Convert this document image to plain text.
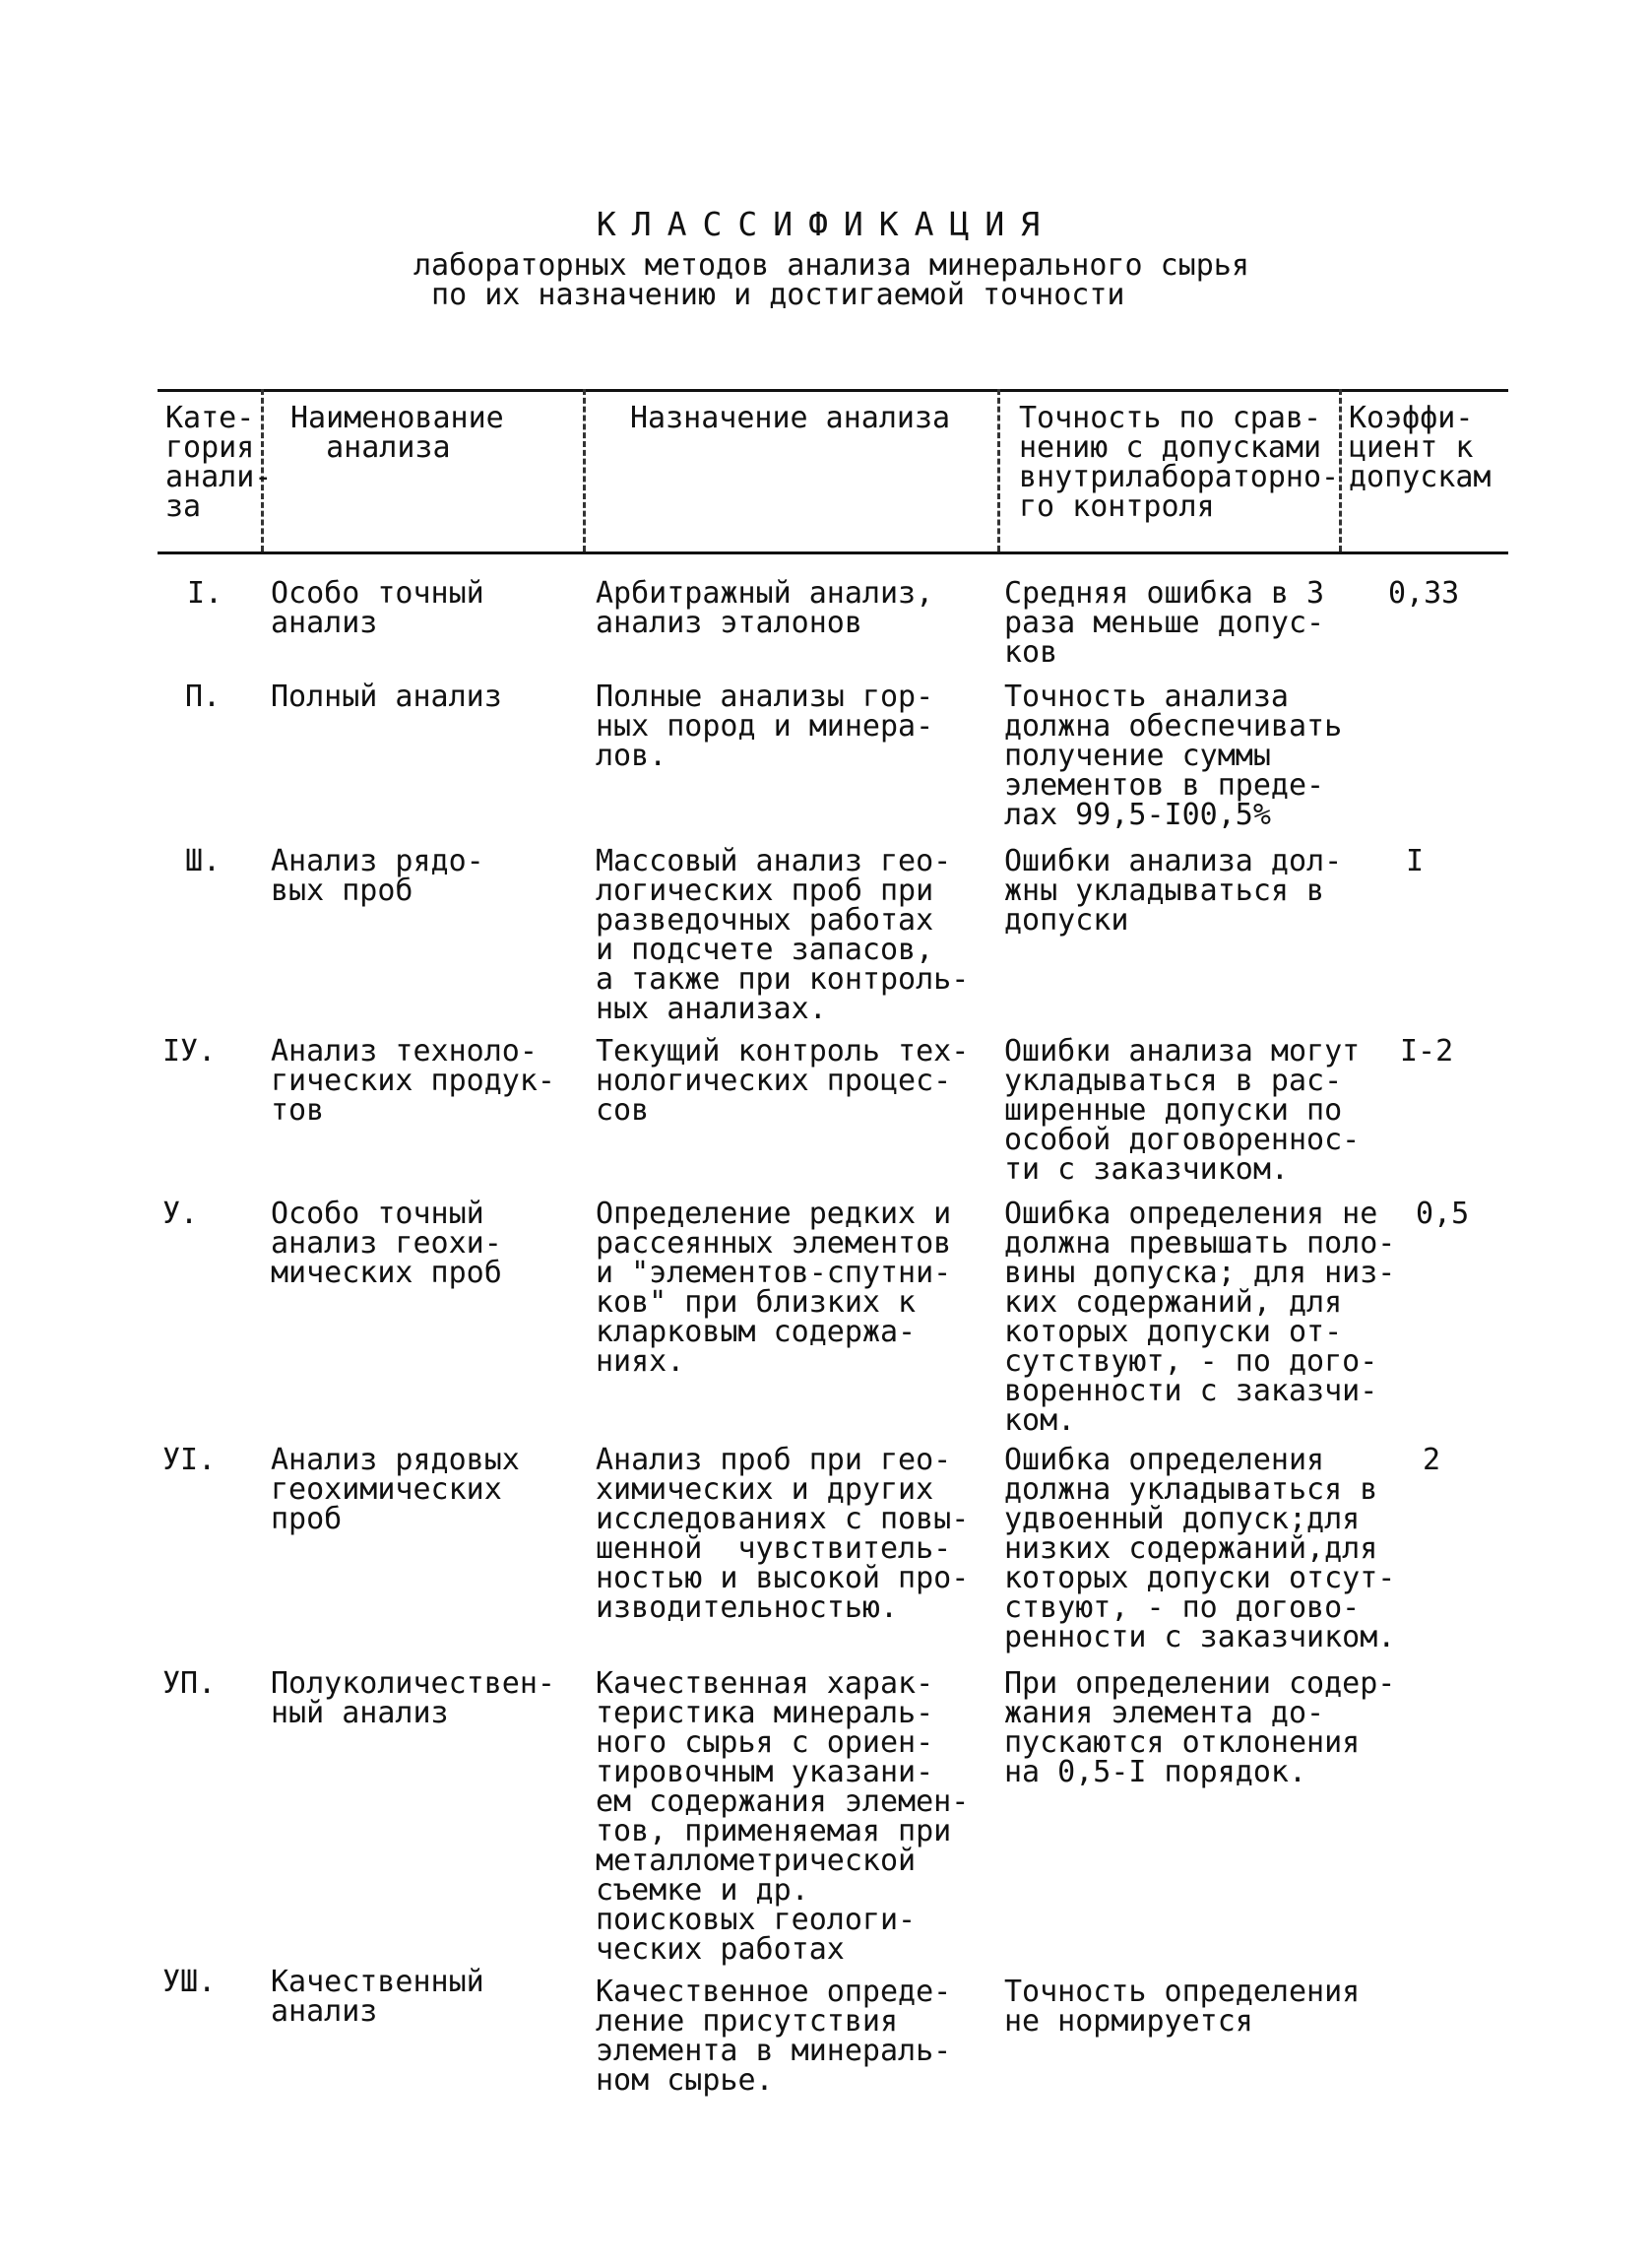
КЛАССИФИКАЦИЯ
лабораторных методов анализа минерального сырья
по их назначению и достигаемой точности
Кате-
гория
анали-
за
Наименование
анализа
Назначение анализа Точность по срав-
нению с допусками
внутрилабораторно-
го контроля
Коэффи-
циент к
допускам
I. Особо точный
анализ
Арбитражный анализ,
анализ эталонов
Средняя ошибка в 3
раза меньше допус-
ков
0,33
П. Полный анализ	Полные анализы гор-
ных пород и минера-
лов.
Точность анализа
должна обеспечивать
получение суммы
элементов в преде-
лах 99,5-I00,5%
Ш. Анализ рядо-
вых проб
Массовый анализ гео-
логических проб при
разведочных работах
и подсчете запасов,
а также при контроль-
ных анализах.
Ошибки анализа дол-
жны укладываться в
допуски
I
IУ. Анализ техноло-
гических продук-
тов
Текущий контроль тех-
нологических процес-
сов
Ошибки анализа могут
укладываться в рас-
ширенные допуски по
особой договореннос-
ти с заказчиком.
I-2
У. Особо точный
анализ геохи-
мических проб
Определение редких и
рассеянных элементов
и "элементов-спутни-
ков" при близких к
кларковым содержа-
ниях.
Ошибка определения не
должна превышать поло-
вины допуска; для низ-
ких содержаний, для
которых допуски от-
сутствуют, - по дого-
воренности с заказчи-
ком.
0,5
УI. Анализ рядовых
геохимических
проб
Анализ проб при гео-
химических и других
исследованиях с повы-
шенной  чувствитель-
ностью и высокой про-
изводительностью.
Ошибка определения
должна укладываться в
удвоенный допуск;для
низких содержаний,для
которых допуски отсут-
ствуют, - по догово-
ренности с заказчиком.
2
УП. Полуколичествен-
ный анализ
Качественная харак-
теристика минераль-
ного сырья с ориен-
тировочным указани-
ем содержания элемен-
тов, применяемая при
металлометрической
съемке и др.
поисковых геологи-
ческих работах
При определении содер-
жания элемента до-
пускаются отклонения
на 0,5-I порядок.
УШ. Качественный
анализ
Качественное опреде-
ление присутствия
элемента в минераль-
ном сырье.
Точность определения
не нормируется
